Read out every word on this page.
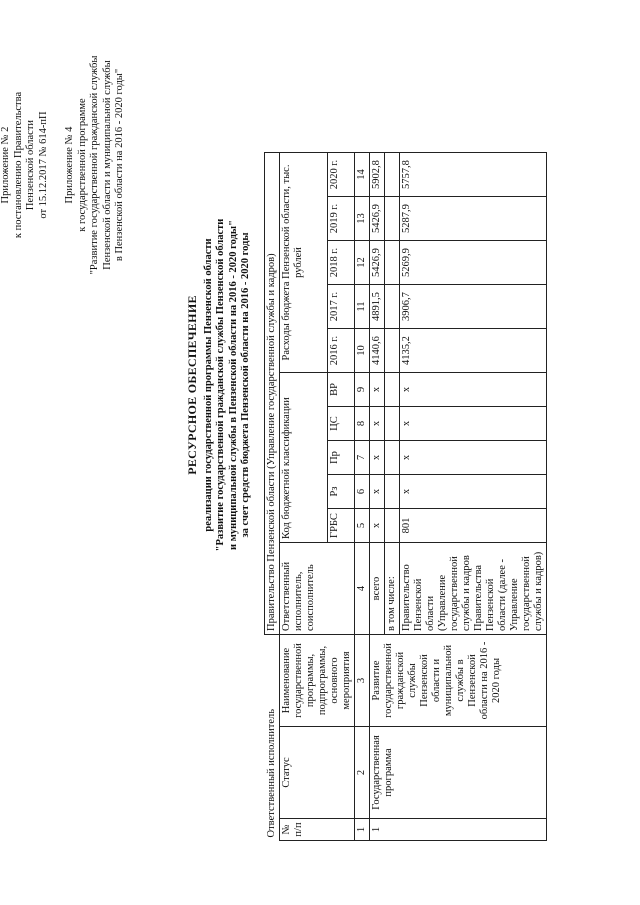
Приложение № 2 к постановлению Правительства Пензенской области от 15.12.2017 № 614-пП Приложение № 4 к государственной программе "Развитие государственной гражданской службы Пензенской области и муниципальной службы в Пензенской области на 2016 - 2020 годы"
РЕСУРСНОЕ ОБЕСПЕЧЕНИЕ реализации государственной программы Пензенской области "Развитие государственной гражданской службы Пензенской области и муниципальной службы в Пензенской области на 2016 - 2020 годы" за счет средств бюджета Пензенской области на 2016 - 2020 годы
Ответственный исполнитель			Правительство Пензенской области (Управление государственной службы и кадров)										
№ п/п	Статус	Наименование государственной программы, подпрограммы, основного мероприятия	Ответственный исполнитель, соисполнитель	Код бюджетной классификации					Расходы бюджета Пензенской области, тыс. рублей				
				ГРБС	Рз	Пр	ЦС	ВР	2016 г.	2017 г.	2018 г.	2019 г.	2020 г.
1	2	3	4	5	6	7	8	9	10	11	12	13	14
1	Государственная программа	Развитие государственной гражданской службы Пензенской области и муниципальной службы в Пензенской области на 2016 - 2020 годы	всего	х	х	х	х	х	4140,6	4891,5	5426,9	5426,9	5902,8
			в том числе:										
			Правительство Пензенской области (Управление государственной службы и кадров Правительства Пензенской области (далее - Управление государственной службы и кадров)	801	х	х	х	х	4135,2	3906,7	5269,9	5287,9	5757,8
